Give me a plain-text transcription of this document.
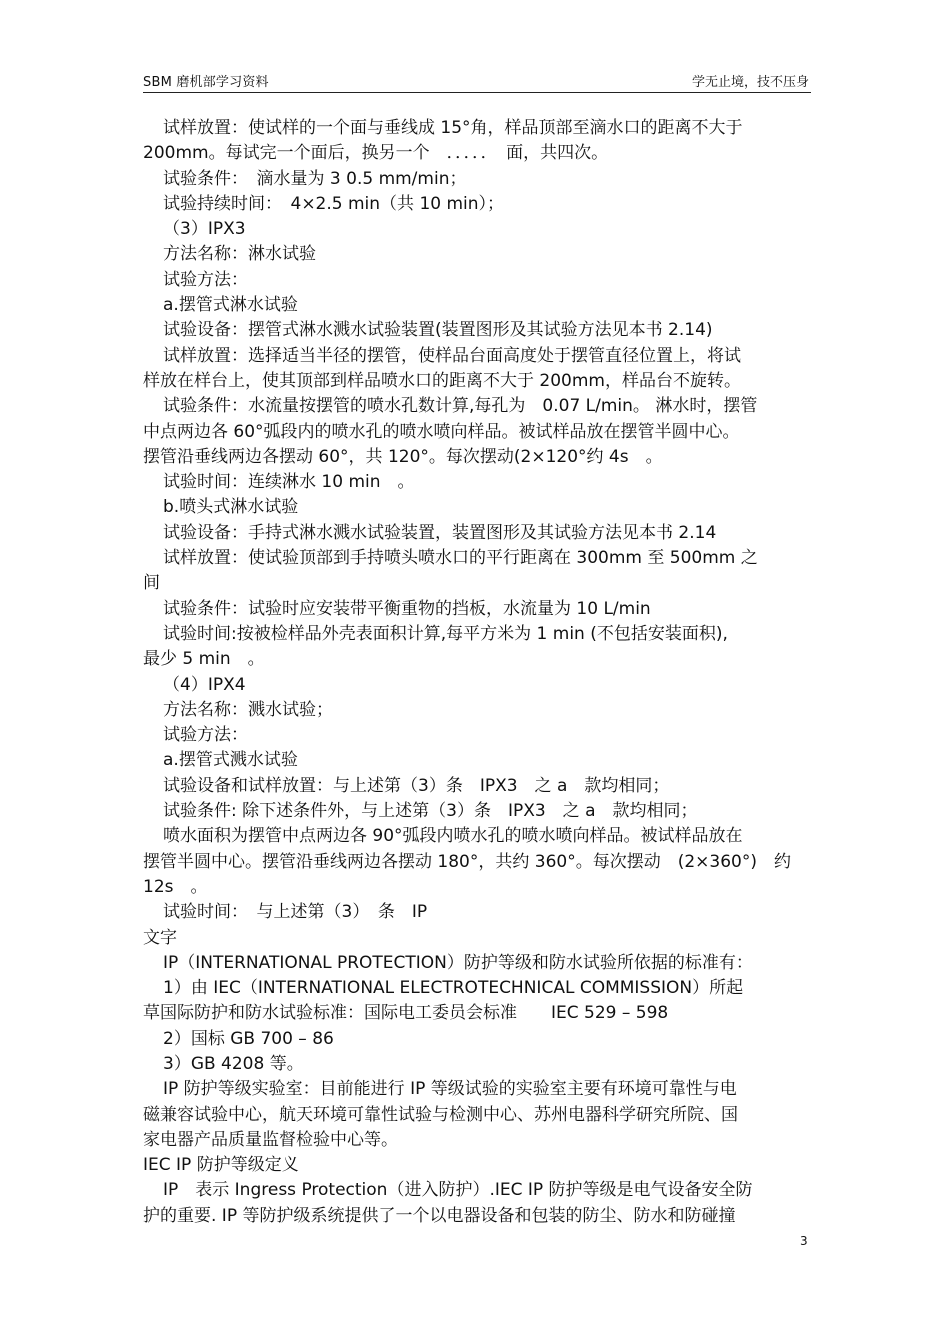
SBM 磨机部学习资料	学无止境，技不压身
试样放置：使试样的一个面与垂线成 15°角，样品顶部至滴水口的距离不大于
200mm。每试完一个面后，换另一个　．．．．．　面，共四次。
试验条件：　滴水量为 3 0.5 mm/min；
试验持续时间：　4×2.5 min（共 10 min）；
（3）IPX3
方法名称：淋水试验
试验方法：
a.摆管式淋水试验
试验设备：摆管式淋水溅水试验装置(装置图形及其试验方法见本书 2.14)
试样放置：选择适当半径的摆管，使样品台面高度处于摆管直径位置上，将试
样放在样台上，使其顶部到样品喷水口的距离不大于 200mm，样品台不旋转。
试验条件：水流量按摆管的喷水孔数计算,每孔为　0.07 L/min。 淋水时，摆管
中点两边各 60°弧段内的喷水孔的喷水喷向样品。被试样品放在摆管半圆中心。
摆管沿垂线两边各摆动 60°，共 120°。每次摆动(2×120°约 4s　。
试验时间：连续淋水 10 min　。
b.喷头式淋水试验
试验设备：手持式淋水溅水试验装置，装置图形及其试验方法见本书 2.14
试样放置：使试验顶部到手持喷头喷水口的平行距离在 300mm 至 500mm 之
间
试验条件：试验时应安装带平衡重物的挡板，水流量为 10 L/min
试验时间:按被检样品外壳表面积计算,每平方米为 1 min (不包括安装面积),
最少 5 min　。
（4）IPX4
方法名称：溅水试验；
试验方法：
a.摆管式溅水试验
试验设备和试样放置：与上述第（3）条　IPX3　之 a　款均相同；
试验条件: 除下述条件外，与上述第（3）条　IPX3　之 a　款均相同；
喷水面积为摆管中点两边各 90°弧段内喷水孔的喷水喷向样品。被试样品放在
摆管半圆中心。摆管沿垂线两边各摆动 180°，共约 360°。每次摆动　(2×360°)　约
12s　。
试验时间：　与上述第（3）　条　IP
文字
IP（INTERNATIONAL PROTECTION）防护等级和防水试验所依据的标准有：
1）由 IEC（INTERNATIONAL ELECTROTECHNICAL COMMISSION）所起
草国际防护和防水试验标准：国际电工委员会标准　　IEC 529 – 598
2）国标 GB 700 – 86
3）GB 4208 等。
IP 防护等级实验室：目前能进行 IP 等级试验的实验室主要有环境可靠性与电
磁兼容试验中心，航天环境可靠性试验与检测中心、苏州电器科学研究所院、国
家电器产品质量监督检验中心等。
IEC IP 防护等级定义
IP　表示 Ingress Protection（进入防护）.IEC IP 防护等级是电气设备安全防
护的重要. IP 等防护级系统提供了一个以电器设备和包装的防尘、防水和防碰撞
3
